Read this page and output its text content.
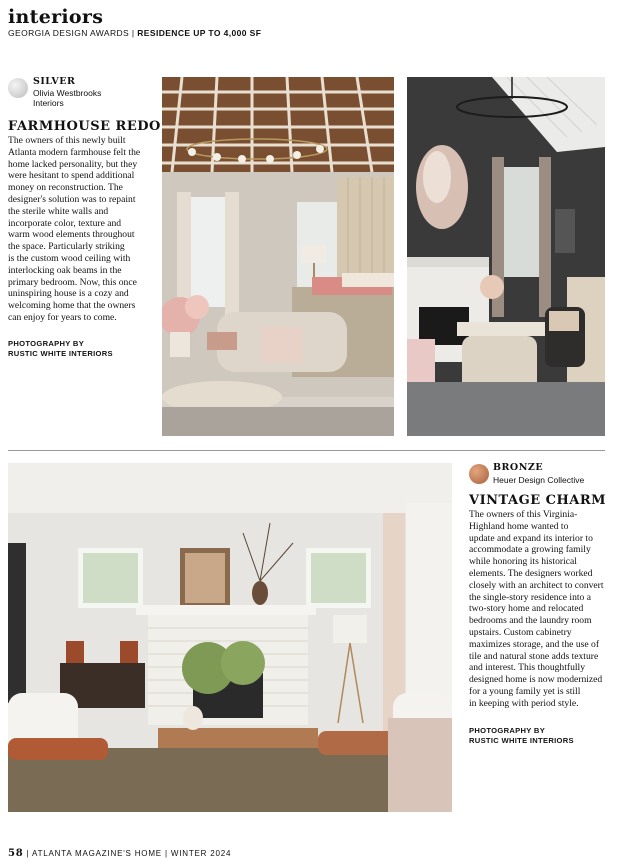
interiors
GEORGIA DESIGN AWARDS | RESIDENCE UP TO 4,000 SF
SILVER
Olivia Westbrooks
Interiors
FARMHOUSE REDO
The owners of this newly built
Atlanta modern farmhouse felt the
home lacked personality, but they
were hesitant to spend additional
money on reconstruction. The
designer's solution was to repaint
the sterile white walls and
incorporate color, texture and
warm wood elements throughout
the space. Particularly striking
is the custom wood ceiling with
interlocking oak beams in the
primary bedroom. Now, this once
uninspiring house is a cozy and
welcoming home that the owners
can enjoy for years to come.
PHOTOGRAPHY BY
RUSTIC WHITE INTERIORS
BRONZE
Heuer Design Collective
VINTAGE CHARM
The owners of this Virginia-
Highland home wanted to
update and expand its interior to
accommodate a growing family
while honoring its historical
elements. The designers worked
closely with an architect to convert
the single-story residence into a
two-story home and relocated
bedrooms and the laundry room
upstairs. Custom cabinetry
maximizes storage, and the use of
tile and natural stone adds texture
and interest. This thoughtfully
designed home is now modernized
for a young family yet is still
in keeping with period style.
PHOTOGRAPHY BY
RUSTIC WHITE INTERIORS
58 | ATLANTA MAGAZINE'S HOME | WINTER 2024
